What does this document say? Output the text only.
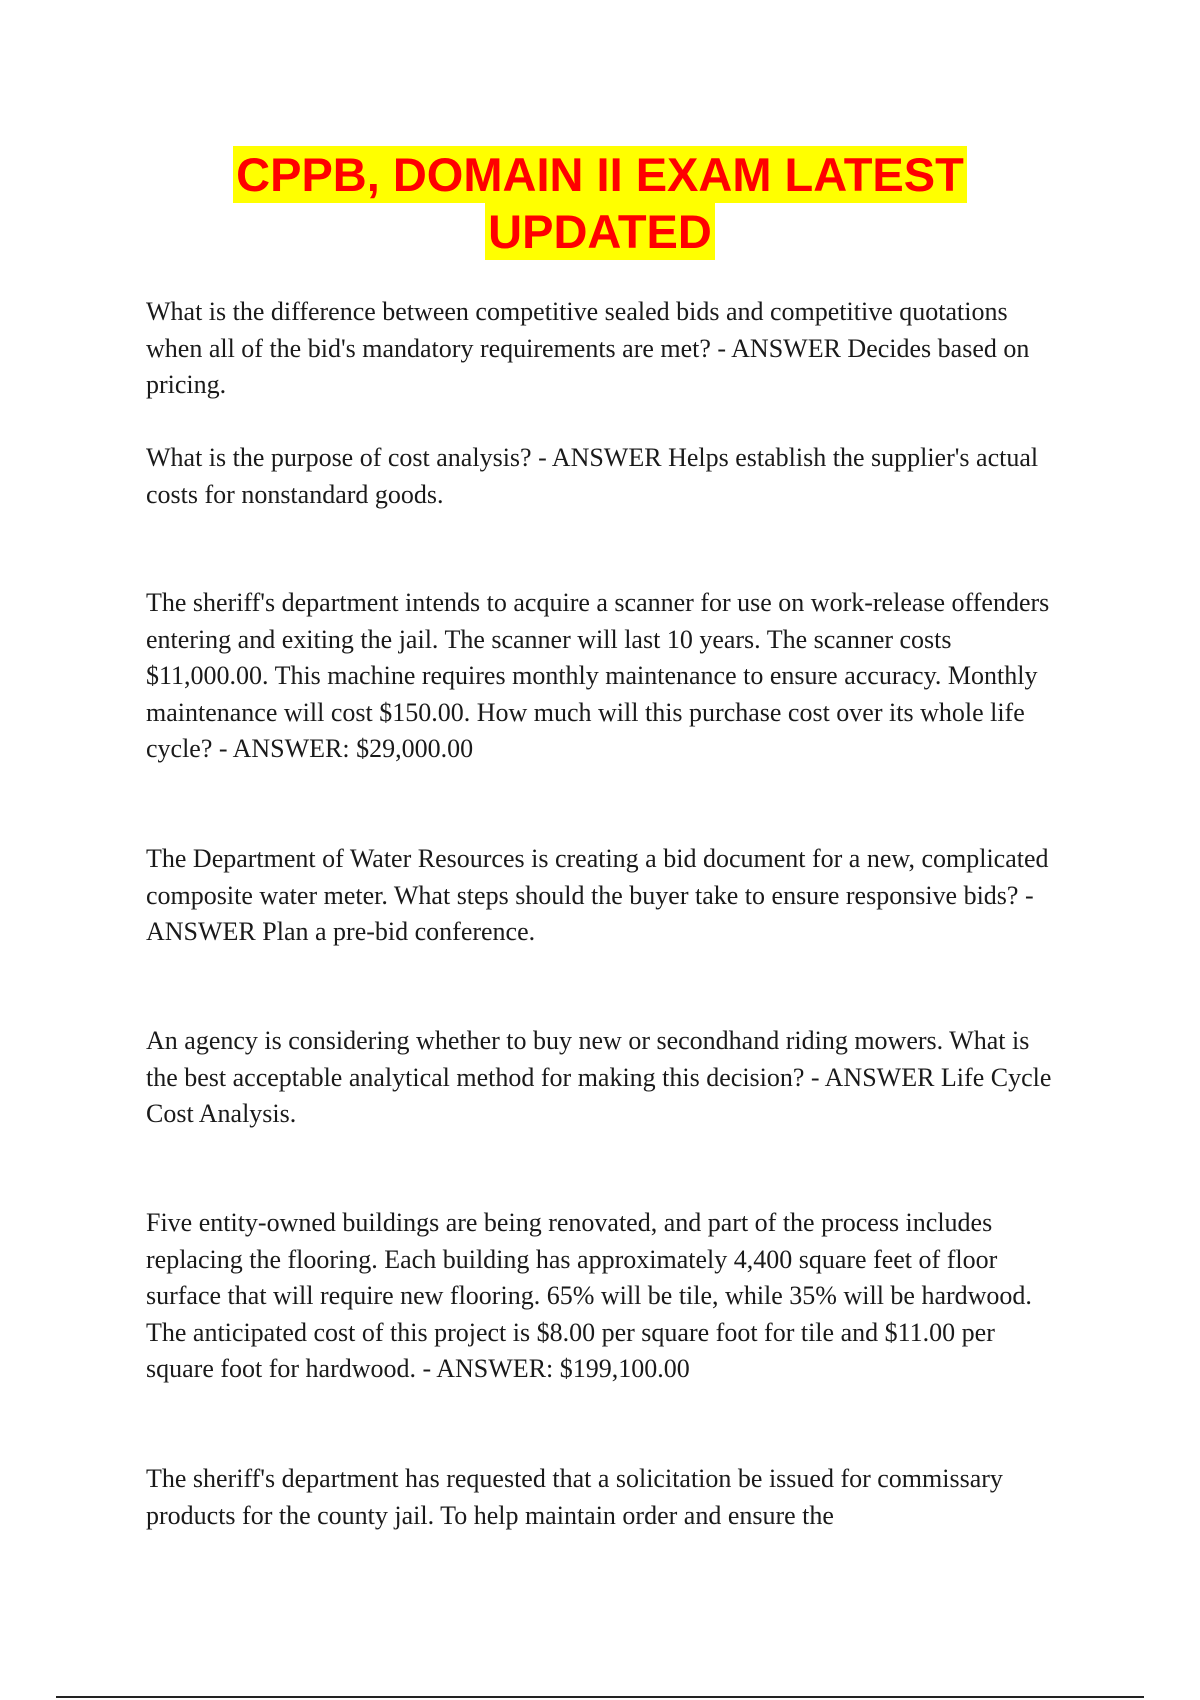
CPPB, DOMAIN II EXAM LATEST
UPDATED

What is the difference between competitive sealed bids and competitive quotations when all of the bid's mandatory requirements are met? - ANSWER Decides based on pricing.

What is the purpose of cost analysis? - ANSWER Helps establish the supplier's actual costs for nonstandard goods.

The sheriff's department intends to acquire a scanner for use on work-release offenders entering and exiting the jail. The scanner will last 10 years. The scanner costs $11,000.00. This machine requires monthly maintenance to ensure accuracy. Monthly maintenance will cost $150.00. How much will this purchase cost over its whole life cycle? - ANSWER: $29,000.00

The Department of Water Resources is creating a bid document for a new, complicated composite water meter. What steps should the buyer take to ensure responsive bids? - ANSWER Plan a pre-bid conference.

An agency is considering whether to buy new or secondhand riding mowers. What is the best acceptable analytical method for making this decision? - ANSWER Life Cycle Cost Analysis.

Five entity-owned buildings are being renovated, and part of the process includes replacing the flooring. Each building has approximately 4,400 square feet of floor surface that will require new flooring. 65% will be tile, while 35% will be hardwood. The anticipated cost of this project is $8.00 per square foot for tile and $11.00 per square foot for hardwood. - ANSWER: $199,100.00

The sheriff's department has requested that a solicitation be issued for commissary products for the county jail. To help maintain order and ensure the
